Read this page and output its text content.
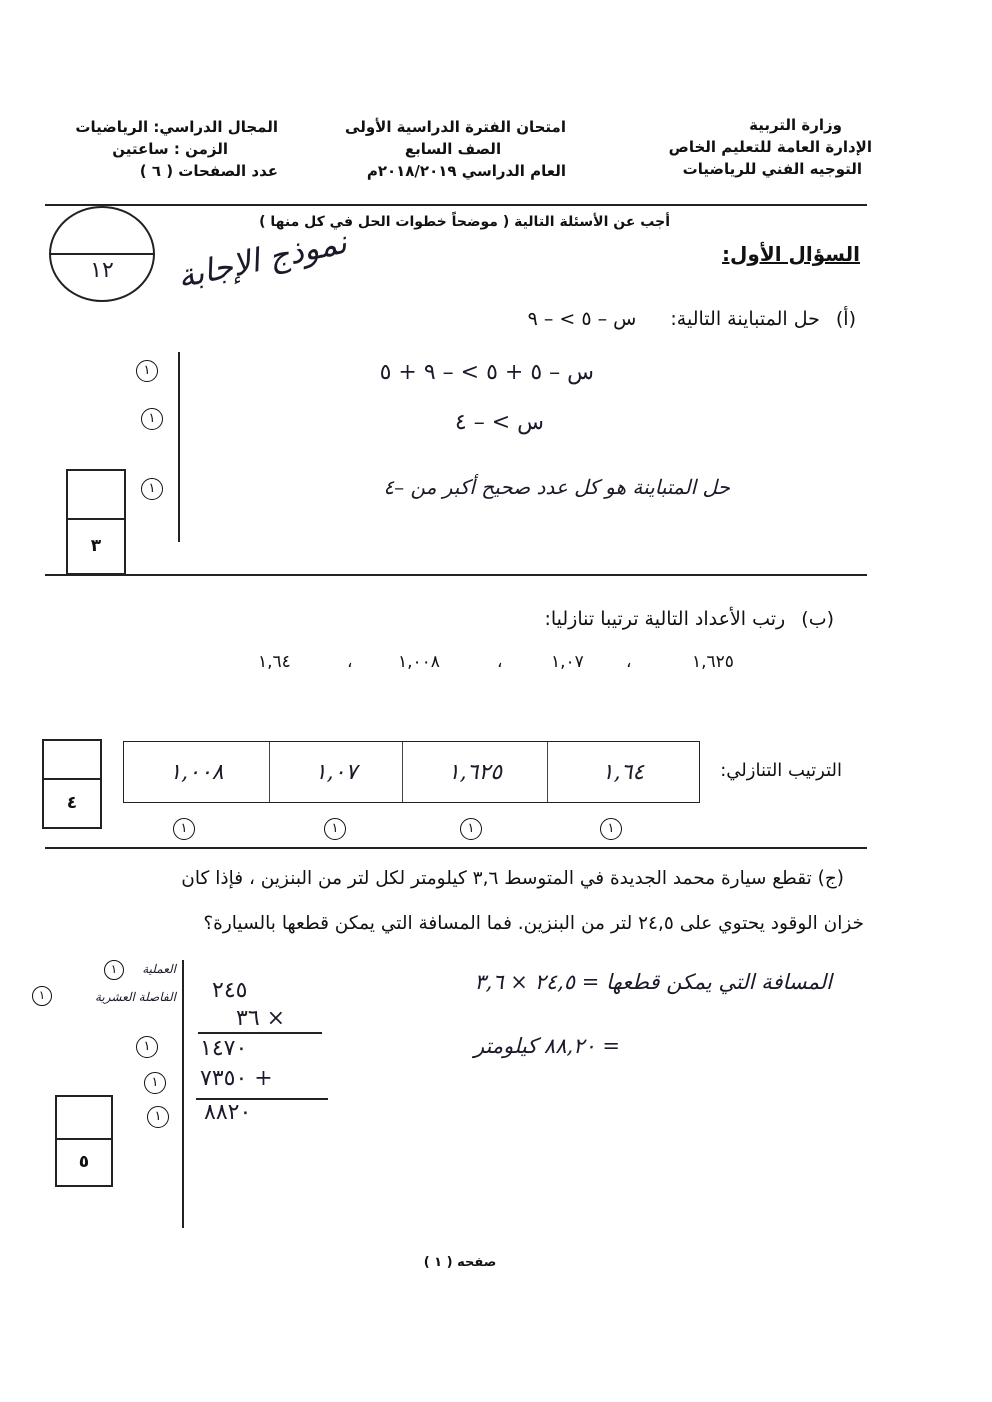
وزارة التربية
الإدارة العامة للتعليم الخاص
التوجيه الفني للرياضيات
امتحان الفترة الدراسية الأولى
الصف السابع
العام الدراسي ٢٠١٨/٢٠١٩م
المجال الدراسي: الرياضيات
الزمن : ساعتين
عدد الصفحات ( ٦ )
١٢
أجب عن الأسئلة التالية ( موضحاً خطوات الحل في كل منها )
نموذج الإجابة	السؤال الأول:
(أ) حل المتباينة التالية: س – ٥ > – ٩
س – ٥ + ٥ > – ٩ + ٥
س > – ٤
حل المتباينة هو كل عدد صحيح أكبر من –٤
١
١
١
٣
(ب) رتب الأعداد التالية ترتيبا تنازليا:
١,٦٢٥
،
١,٠٧
،
١,٠٠٨
،
١,٦٤
٤
١,٠٠٨	١,٠٧	١,٦٢٥	١,٦٤	الترتيب التنازلي:
١	١	١	١
(ج) تقطع سيارة محمد الجديدة في المتوسط ٣,٦ كيلومتر لكل لتر من البنزين ، فإذا كان
خزان الوقود يحتوي على ٢٤,٥ لتر من البنزين. فما المسافة التي يمكن قطعها بالسيارة؟
العملية
١
الفاصلة العشرية
١
١
١
١
٢٤٥
٣٦ ×
١٤٧٠
٧٣٥٠ +
٨٨٢٠
المسافة التي يمكن قطعها = ٢٤,٥ × ٣,٦
= ٨٨,٢٠ كيلومتر
٥
صفحه ( ١ )
